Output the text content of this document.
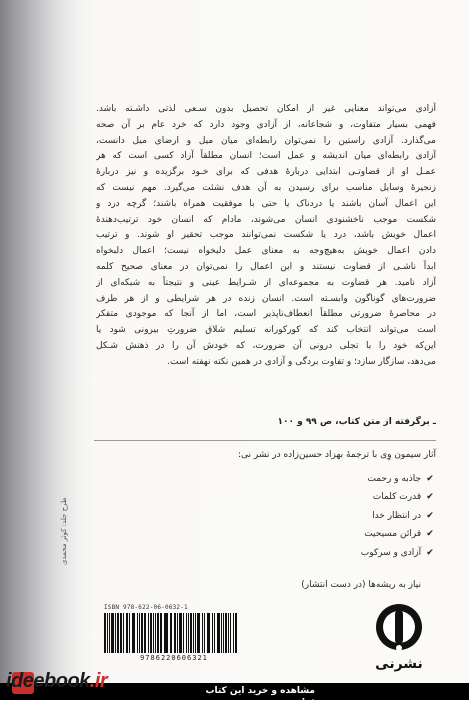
آزادی می‌تواند معنایی غیر از امکان تحصیل بدون سـعی لذتی داشـته باشد.
فهمی بسیار متفاوت، و شجاعانه، از آزادی وجود دارد که خرد عام بر آن صحه
می‌گذارد. آزادی راستین را نمی‌توان رابطه‌ای میان میل و ارضای میل دانست،
آزادی رابطه‌ای میان اندیشه و عمل است؛ انسان مطلقاً آزاد کسی است که هر
عمـل او از قضاوتـی ابتدایی دربارهٔ هدفی که برای خـود برگزیده و نیز دربارهٔ
زنجیرهٔ وسایل مناسب برای رسیدن به آن هدف نشئت می‌گیرد. مهم نیست که
این اعمال آسان باشند یا دردناک یا حتی با موفقیت همراه باشند؛ گرچه درد و
شکست موجب ناخشنودی انسان می‌شوند، مادام که انسان خود ترتیب‌دهندهٔ
اعمال خویش باشد، درد یا شکست نمی‌توانند موجب تحقیر او شوند. و ترتیب
دادن اعمال خویش به‌هیچ‌وجه به معنای عمل دلبخواه نیست؛ اعمال دلبخواه
ابداً ناشـی از قضاوت نیستند و این اعمال را نمی‌توان در معنای صحیح کلمه
آزاد نامید. هر قضاوت به مجموعه‌ای از شـرایط عینی و نتیجتاً به شبکه‌ای از
ضرورت‌های گوناگون وابسـته است. انسان زنده در هر شرایطی و از هر طرف
در محاصرهٔ ضرورتی مطلقاً انعطاف‌ناپذیر است، اما از آنجا که موجودی متفکر
است می‌تواند انتخاب کند که کورکورانه تسلیم شلاق ضرورتِ بیرونی شود یا
این‌که خود را با تجلی درونی آن ضرورت، که خودش آن را در ذهنش شـکل
می‌دهد، سازگار سازد؛ و تفاوت بردگی و آزادی در همین نکته نهفته است.

ـ برگرفته از متن کتاب، ص ۹۹ و ۱۰۰
آثار سیمون وِی با ترجمهٔ بهزاد حسین‌زاده در نشر نی:
✔ جاذبه و رحمت
✔ قدرت کلمات
✔ در انتظار خدا
✔ قرائن مسیحیت
✔ آزادی و سرکوب
نیاز به ریشه‌ها (در دست انتشار)
طرح جلد: کوثر محمدی
ISBN 978-622-06-0632-1
9786220606321	نشرنی
ideebook.ir	مشاهده و خرید این کتاب در:
